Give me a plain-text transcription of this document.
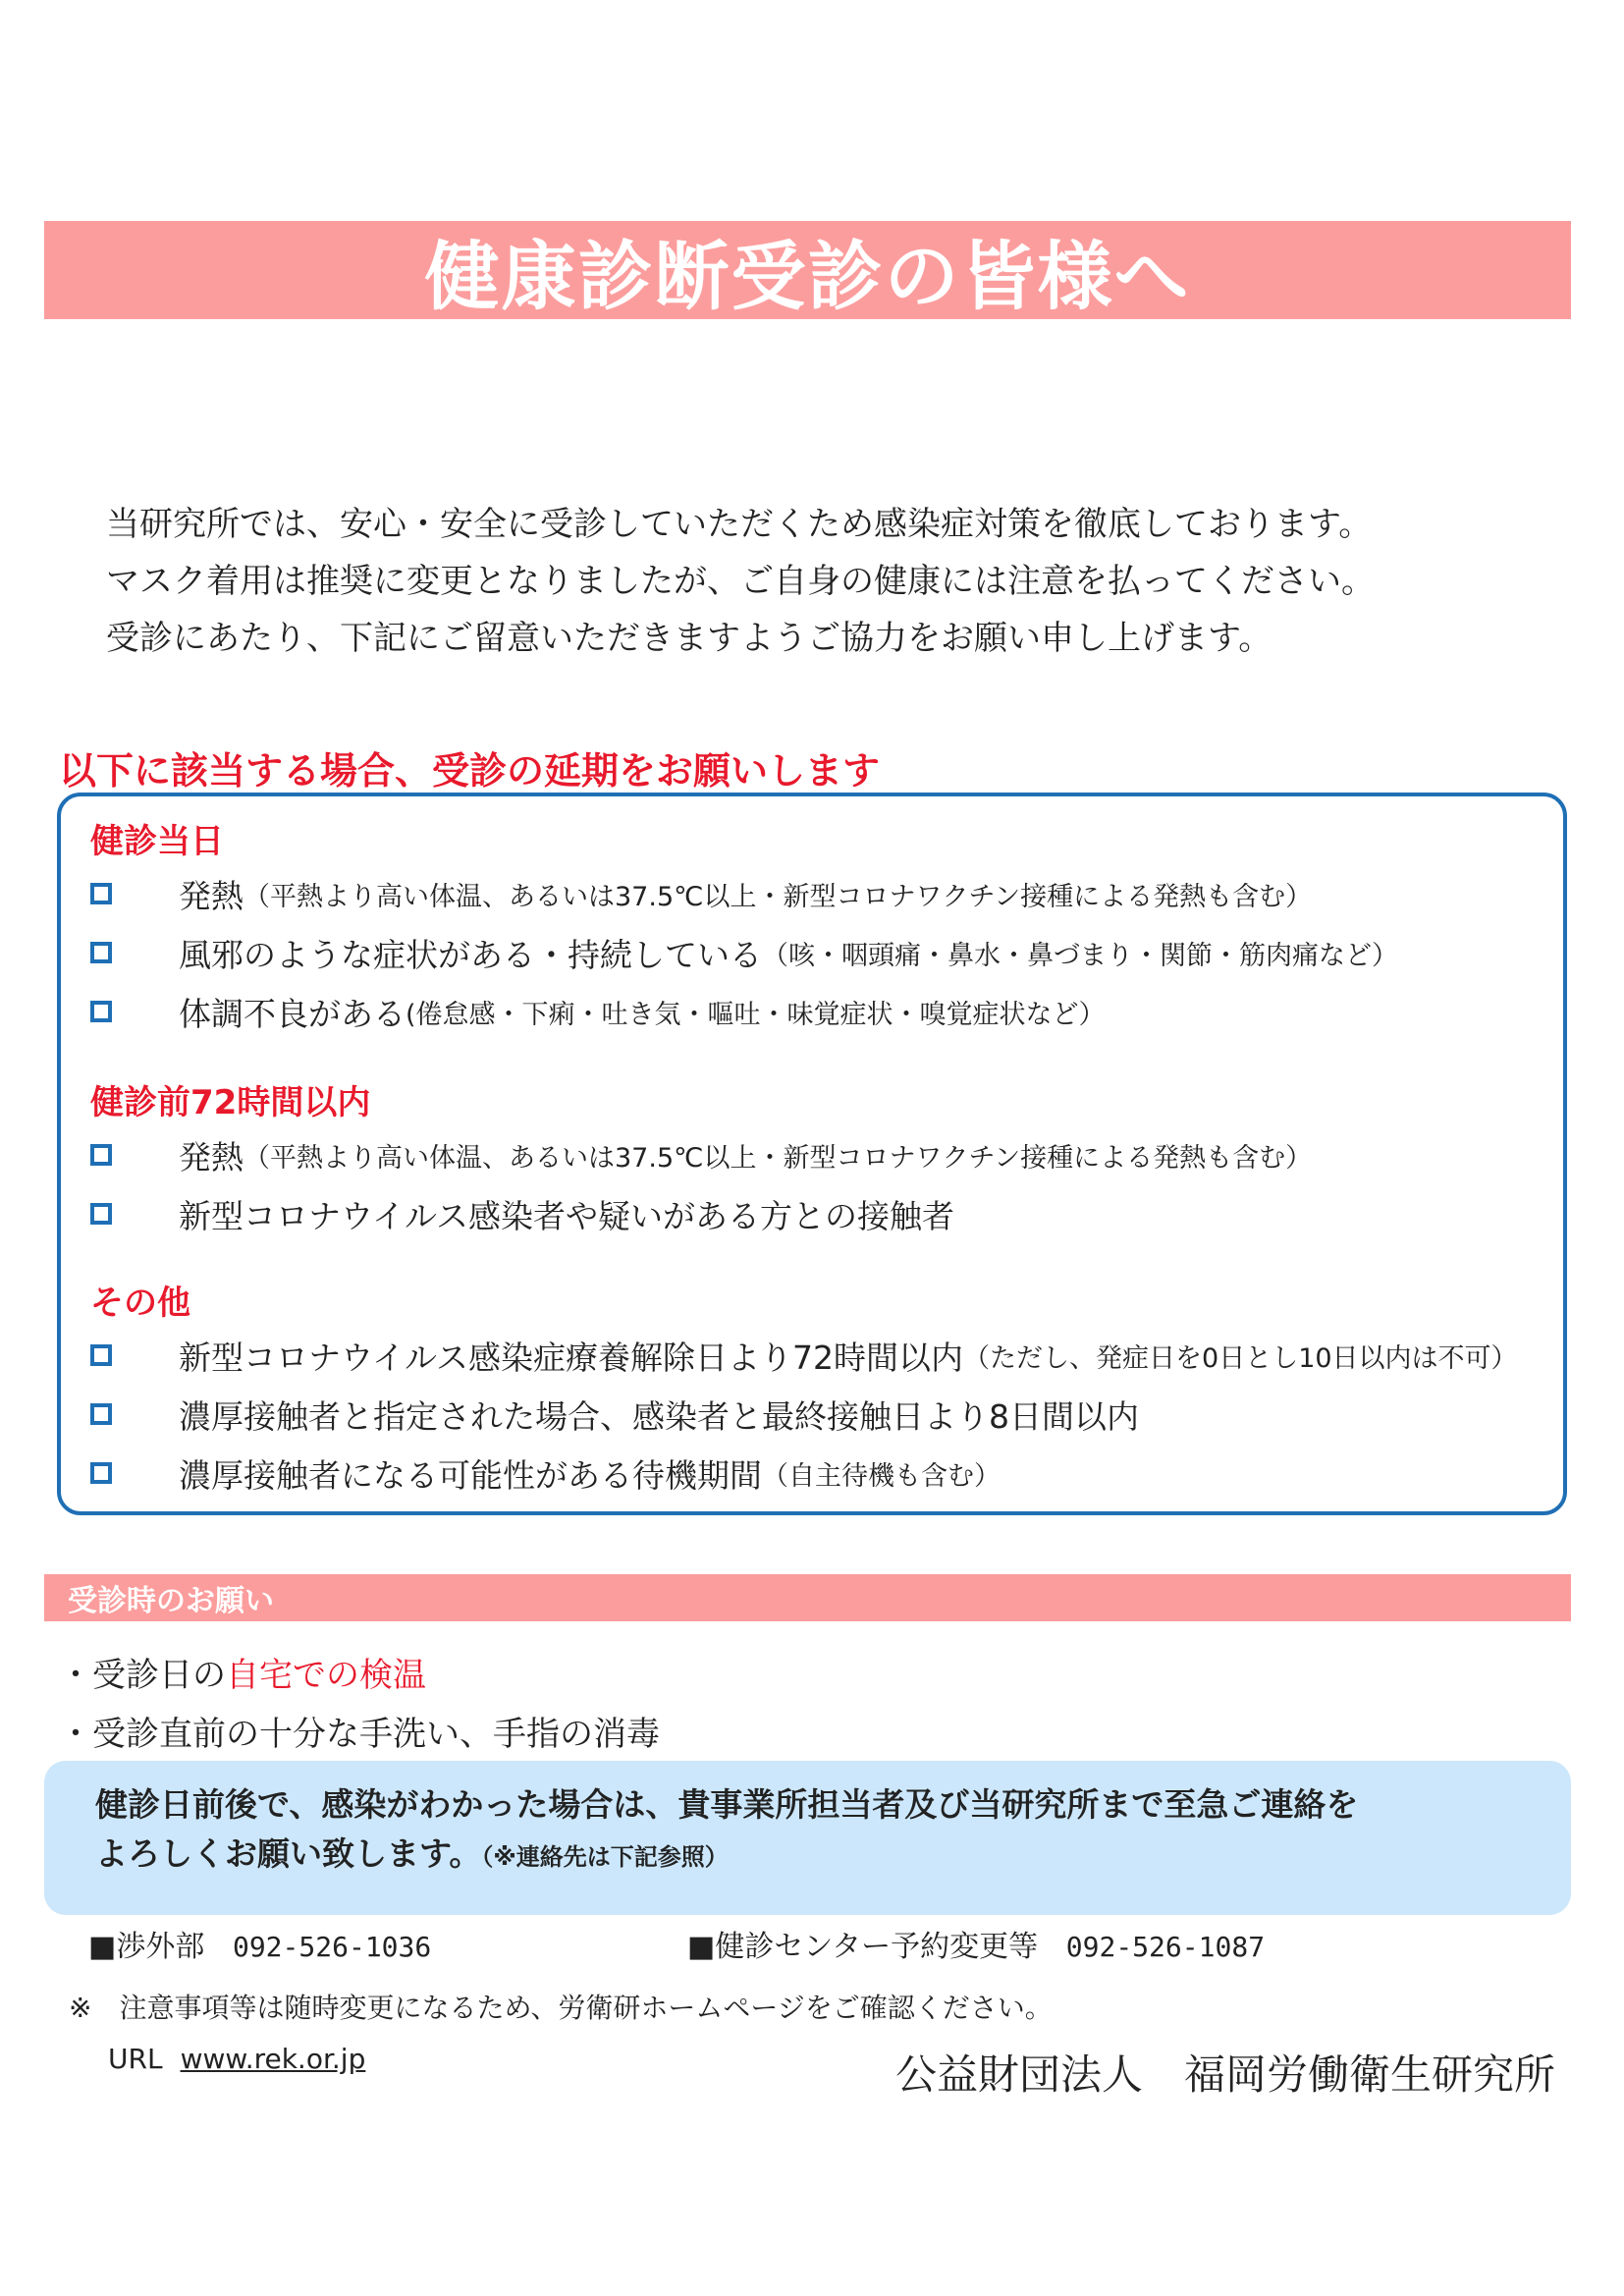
健康診断受診の皆様へ

当研究所では、安心・安全に受診していただくため感染症対策を徹底しております。

マスク着用は推奨に変更となりましたが、ご自身の健康には注意を払ってください。

受診にあたり、下記にご留意いただきますようご協力をお願い申し上げます。

以下に該当する場合、受診の延期をお願いします
健診当日
発熱 （平熱より高い体温、あるいは37.5℃以上・新型コロナワクチン接種による発熱も含む）
風邪のような症状がある・持続している （咳・咽頭痛・鼻水・鼻づまり・関節・筋肉痛など）
体調不良がある (倦怠感・下痢・吐き気・嘔吐・味覚症状・嗅覚症状など）
健診前72時間以内
発熱 （平熱より高い体温、あるいは37.5℃以上・新型コロナワクチン接種による発熱も含む）
新型コロナウイルス感染者や疑いがある方との接触者
その他
新型コロナウイルス感染症療養解除日より72時間以内 （ただし、発症日を0日とし10日以内は不可）
濃厚接触者と指定された場合、感染者と最終接触日より8日間以内
濃厚接触者になる可能性がある待機期間 （自主待機も含む）
受診時のお願い
・受診日の自宅での検温
・受診直前の十分な手洗い、手指の消毒

健診日前後で、感染がわかった場合は、貴事業所担当者及び当研究所まで至急ご連絡を

よろしくお願い致します。（※連絡先は下記参照）

■渉外部 092-526-1036	■健診センター予約変更等 092-526-1087
※　注意事項等は随時変更になるため、労衛研ホームページをご確認ください。
URL www.rek.or.jp	公益財団法人　福岡労働衛生研究所
